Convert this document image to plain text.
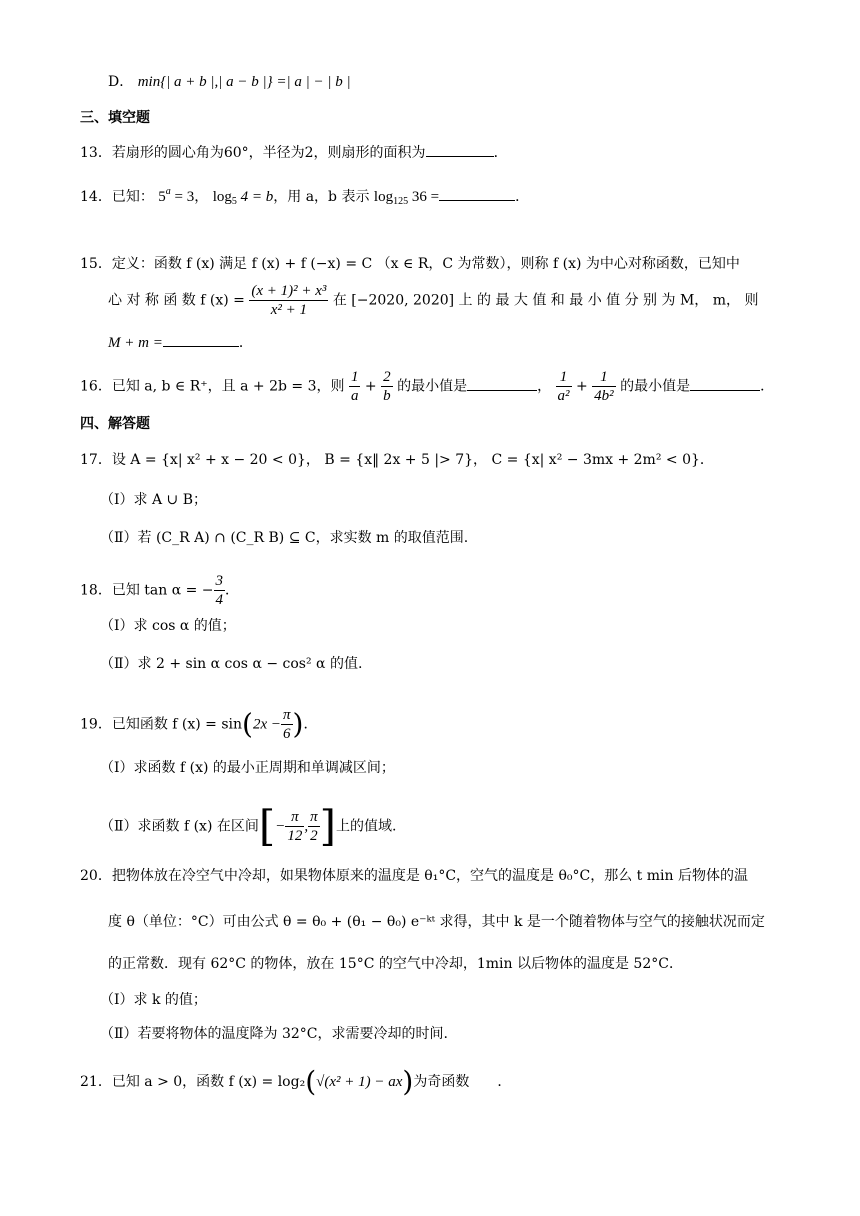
D． min{| a + b |,| a − b |} =| a | − | b |
三、填空题
13．若扇形的圆心角为60°，半径为2，则扇形的面积为	．
14．已知： $5^a = 3$， $\log_5 4 = b$，用 a，b 表示 $\log_{125} 36$ =	．
15．定义：函数 f (x) 满足 f (x) + f (−x) = C （x ∈ R，C 为常数），则称 f (x) 为中心对称函数，已知中
心 对 称 函 数 f $(x) = \frac{\text{(x + 1)² + x³}}{\text{x² + 1}}$ 在 [−2020, 2020] 上 的 最 大 值 和 最 小 值 分 别 为 M， m， 则
M + m =	．
16．已知 a, b ∈ R⁺，且 a + 2b = 3，则 $\frac{1}{a} + \frac{2}{b}$ 的最小值是	， $\frac{1}{\text{a²}} + \frac{1}{\text{4b²}}$ 的最小值是	．
四、解答题
17．设 A = {x| x² + x − 20 < 0}， B = {x‖ 2x + 5 |> 7}， C = {x| x² − 3mx + 2m² < 0}．
（Ⅰ）求 A ∪ B；
（Ⅱ）若 (C_R A) ∩ (C_R B) ⊆ C，求实数 m 的取值范围.
18．已知 tan α = − $\frac{3}{4}$ ．
（Ⅰ）求 cos α 的值；
（Ⅱ）求 2 + sin α cos α − cos² α 的值.
19．已知函数 f $(x) = \sin(2x - \frac{\pi}{6}$ )．
（Ⅰ）求函数 f (x) 的最小正周期和单调减区间；
（Ⅱ）求函数 f (x) 在区间[− $\frac{\pi}{12}$ , $\frac{\pi}{2}$ ]上的值域.
20．把物体放在冷空气中冷却，如果物体原来的温度是 θ₁°C，空气的温度是 θ₀°C，那么 t min 后物体的温
度 θ（单位：°C）可由公式 θ = θ₀ + (θ₁ − θ₀) e⁻ᵏᵗ 求得，其中 k 是一个随着物体与空气的接触状况而定
的正常数．现有 62°C 的物体，放在 15°C 的空气中冷却，1min 以后物体的温度是 52°C．
（Ⅰ）求 k 的值；
（Ⅱ）若要将物体的温度降为 32°C，求需要冷却的时间.
21．已知 a > 0，函数 f (x) = log₂(√(x² + 1) − ax)为奇函数 ．
